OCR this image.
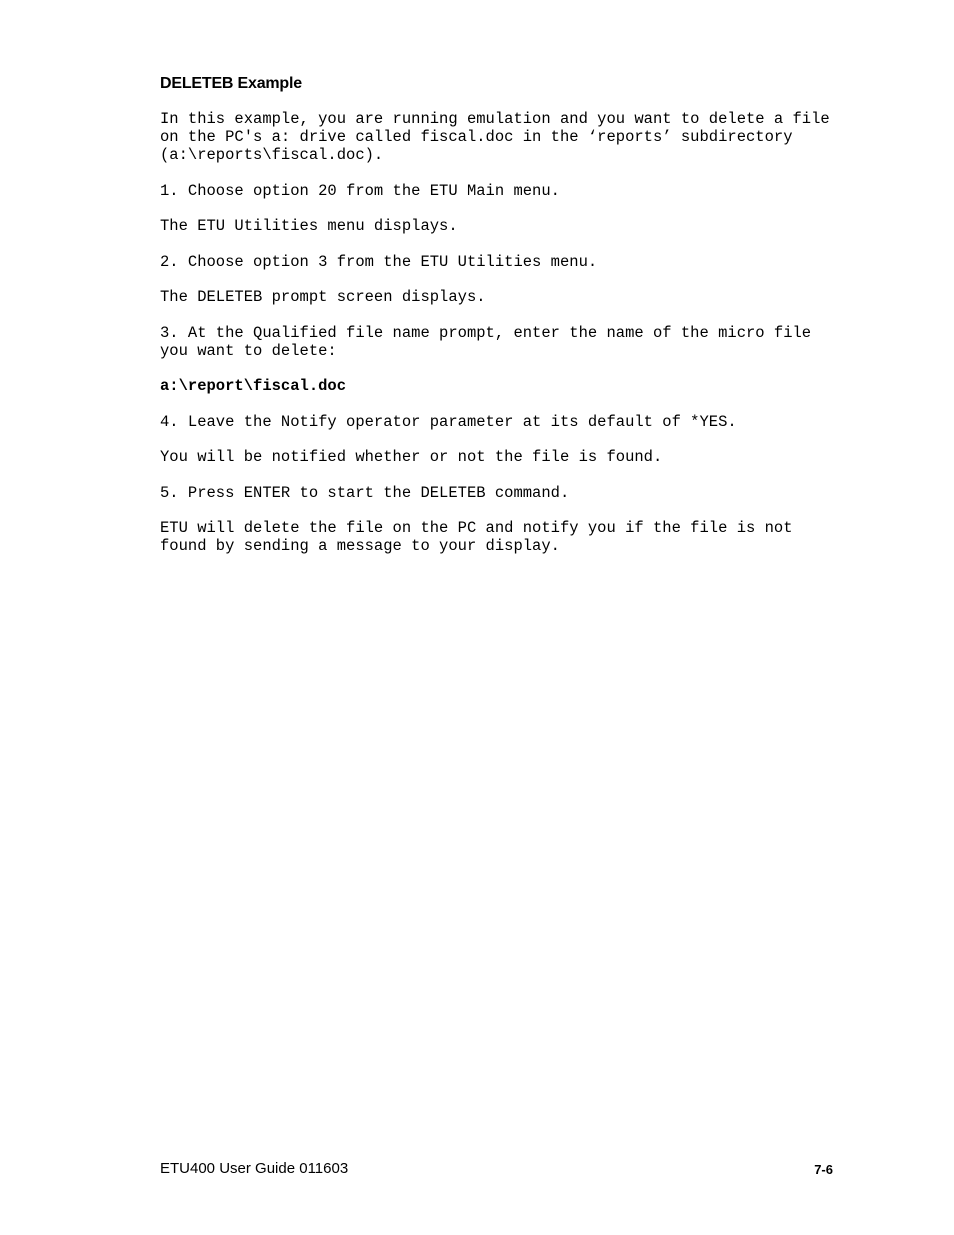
DELETEB Example

In this example, you are running emulation and you want to delete a file
on the PC's a: drive called fiscal.doc in the ‘reports’ subdirectory
(a:\reports\fiscal.doc).

1. Choose option 20 from the ETU Main menu.

The ETU Utilities menu displays.

2. Choose option 3 from the ETU Utilities menu.

The DELETEB prompt screen displays.

3. At the Qualified file name prompt, enter the name of the micro file
you want to delete:

a:\report\fiscal.doc

4. Leave the Notify operator parameter at its default of *YES.

You will be notified whether or not the file is found.

5. Press ENTER to start the DELETEB command.

ETU will delete the file on the PC and notify you if the file is not
found by sending a message to your display.

ETU400 User Guide 011603	7-6
